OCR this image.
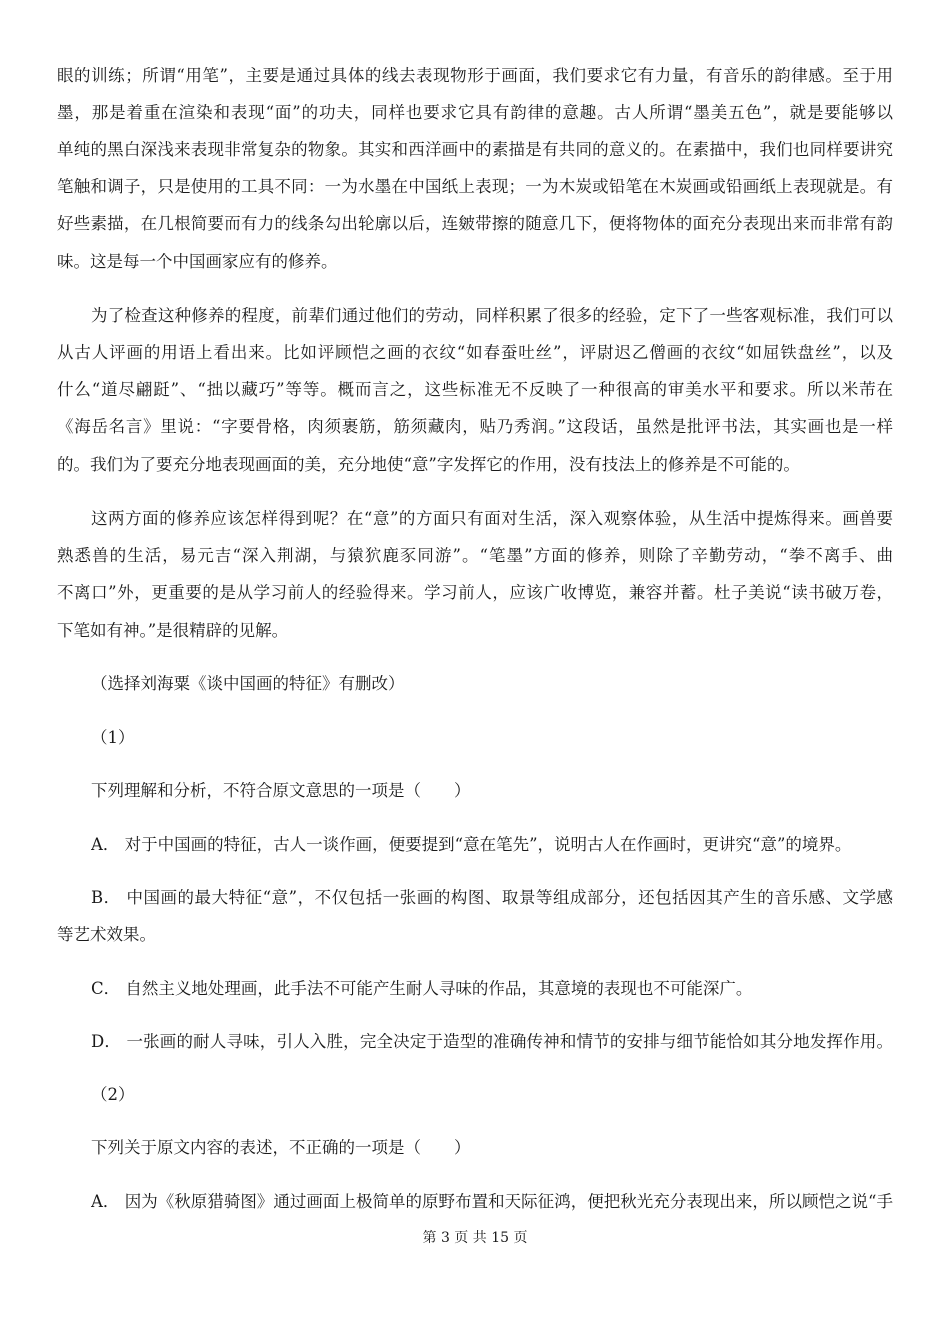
眼的训练；所谓“用笔”，主要是通过具体的线去表现物形于画面，我们要求它有力量，有音乐的韵律感。至于用
墨，那是着重在渲染和表现“面”的功夫，同样也要求它具有韵律的意趣。古人所谓“墨美五色”，就是要能够以
单纯的黑白深浅来表现非常复杂的物象。其实和西洋画中的素描是有共同的意义的。在素描中，我们也同样要讲究
笔触和调子，只是使用的工具不同：一为水墨在中国纸上表现；一为木炭或铅笔在木炭画或铅画纸上表现就是。有
好些素描，在几根简要而有力的线条勾出轮廓以后，连皴带擦的随意几下，便将物体的面充分表现出来而非常有韵
味。这是每一个中国画家应有的修养。
为了检查这种修养的程度，前辈们通过他们的劳动，同样积累了很多的经验，定下了一些客观标准，我们可以
从古人评画的用语上看出来。比如评顾恺之画的衣纹“如春蚕吐丝”，评尉迟乙僧画的衣纹“如屈铁盘丝”，以及
什么“道尽翩跹”、“拙以藏巧”等等。概而言之，这些标准无不反映了一种很高的审美水平和要求。所以米芾在
《海岳名言》里说：“字要骨格，肉须裹筋，筋须藏肉，贴乃秀润。”这段话，虽然是批评书法，其实画也是一样
的。我们为了要充分地表现画面的美，充分地使“意”字发挥它的作用，没有技法上的修养是不可能的。
这两方面的修养应该怎样得到呢？在“意”的方面只有面对生活，深入观察体验，从生活中提炼得来。画兽要
熟悉兽的生活，易元吉“深入荆湖，与猿狖鹿豕同游”。“笔墨”方面的修养，则除了辛勤劳动，“拳不离手、曲
不离口”外，更重要的是从学习前人的经验得来。学习前人，应该广收博览，兼容并蓄。杜子美说“读书破万卷，
下笔如有神。”是很精辟的见解。
（选择刘海粟《谈中国画的特征》有删改）
（1）
下列理解和分析，不符合原文意思的一项是（　　）
A． 对于中国画的特征，古人一谈作画，便要提到“意在笔先”，说明古人在作画时，更讲究“意”的境界。
B． 中国画的最大特征“意”，不仅包括一张画的构图、取景等组成部分，还包括因其产生的音乐感、文学感
等艺术效果。
C． 自然主义地处理画，此手法不可能产生耐人寻味的作品，其意境的表现也不可能深广。
D． 一张画的耐人寻味，引人入胜，完全决定于造型的准确传神和情节的安排与细节能恰如其分地发挥作用。
（2）
下列关于原文内容的表述，不正确的一项是（　　）
A． 因为《秋原猎骑图》通过画面上极简单的原野布置和天际征鸿，便把秋光充分表现出来，所以顾恺之说“手
第 3 页 共 15 页
